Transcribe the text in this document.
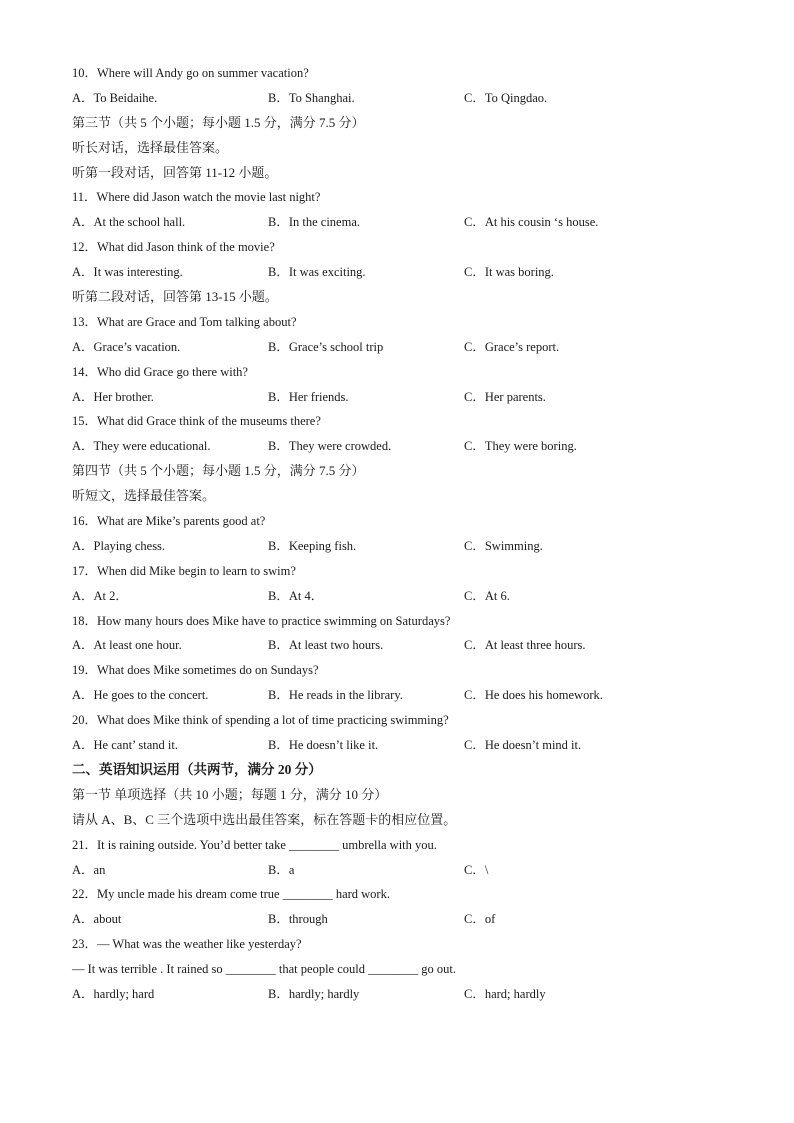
10．Where will Andy go on summer vacation?
A．To Beidaihe.	B．To Shanghai.	C．To Qingdao.
第三节（共 5 个小题；每小题 1.5 分，满分 7.5 分）
听长对话，选择最佳答案。
听第一段对话，回答第 11-12 小题。
11．Where did Jason watch the movie last night?
A．At the school hall.	B．In the cinema.	C．At his cousin ‘s house.
12．What did Jason think of the movie?
A．It was interesting.	B．It was exciting.	C．It was boring.
听第二段对话，回答第 13-15 小题。
13．What are Grace and Tom talking about?
A．Grace’s vacation.	B．Grace’s school trip	C．Grace’s report.
14．Who did Grace go there with?
A．Her brother.	B．Her friends.	C．Her parents.
15．What did Grace think of the museums there?
A．They were educational.	B．They were crowded.	C．They were boring.
第四节（共 5 个小题；每小题 1.5 分，满分 7.5 分）
听短文，选择最佳答案。
16．What are Mike’s parents good at?
A．Playing chess.	B．Keeping fish.	C．Swimming.
17．When did Mike begin to learn to swim?
A．At 2．	B．At 4．	C．At 6.
18．How many hours does Mike have to practice swimming on Saturdays?
A．At least one hour.	B．At least two hours.	C．At least three hours.
19．What does Mike sometimes do on Sundays?
A．He goes to the concert.	B．He reads in the library.	C．He does his homework.
20．What does Mike think of spending a lot of time practicing swimming?
A．He cant’ stand it.	B．He doesn’t like it.	C．He doesn’t mind it.
二、英语知识运用（共两节，满分 20 分）
第一节 单项选择（共 10 小题；每题 1 分，满分 10 分）
请从 A、B、C 三个选项中选出最佳答案，标在答题卡的相应位置。
21．It is raining outside. You’d better take ________ umbrella with you.
A．an	B．a	C．\
22．My uncle made his dream come true ________ hard work.
A．about	B．through	C．of
23．— What was the weather like yesterday?
— It was terrible . It rained so ________ that people could ________ go out.
A．hardly; hard	B．hardly; hardly	C．hard; hardly
